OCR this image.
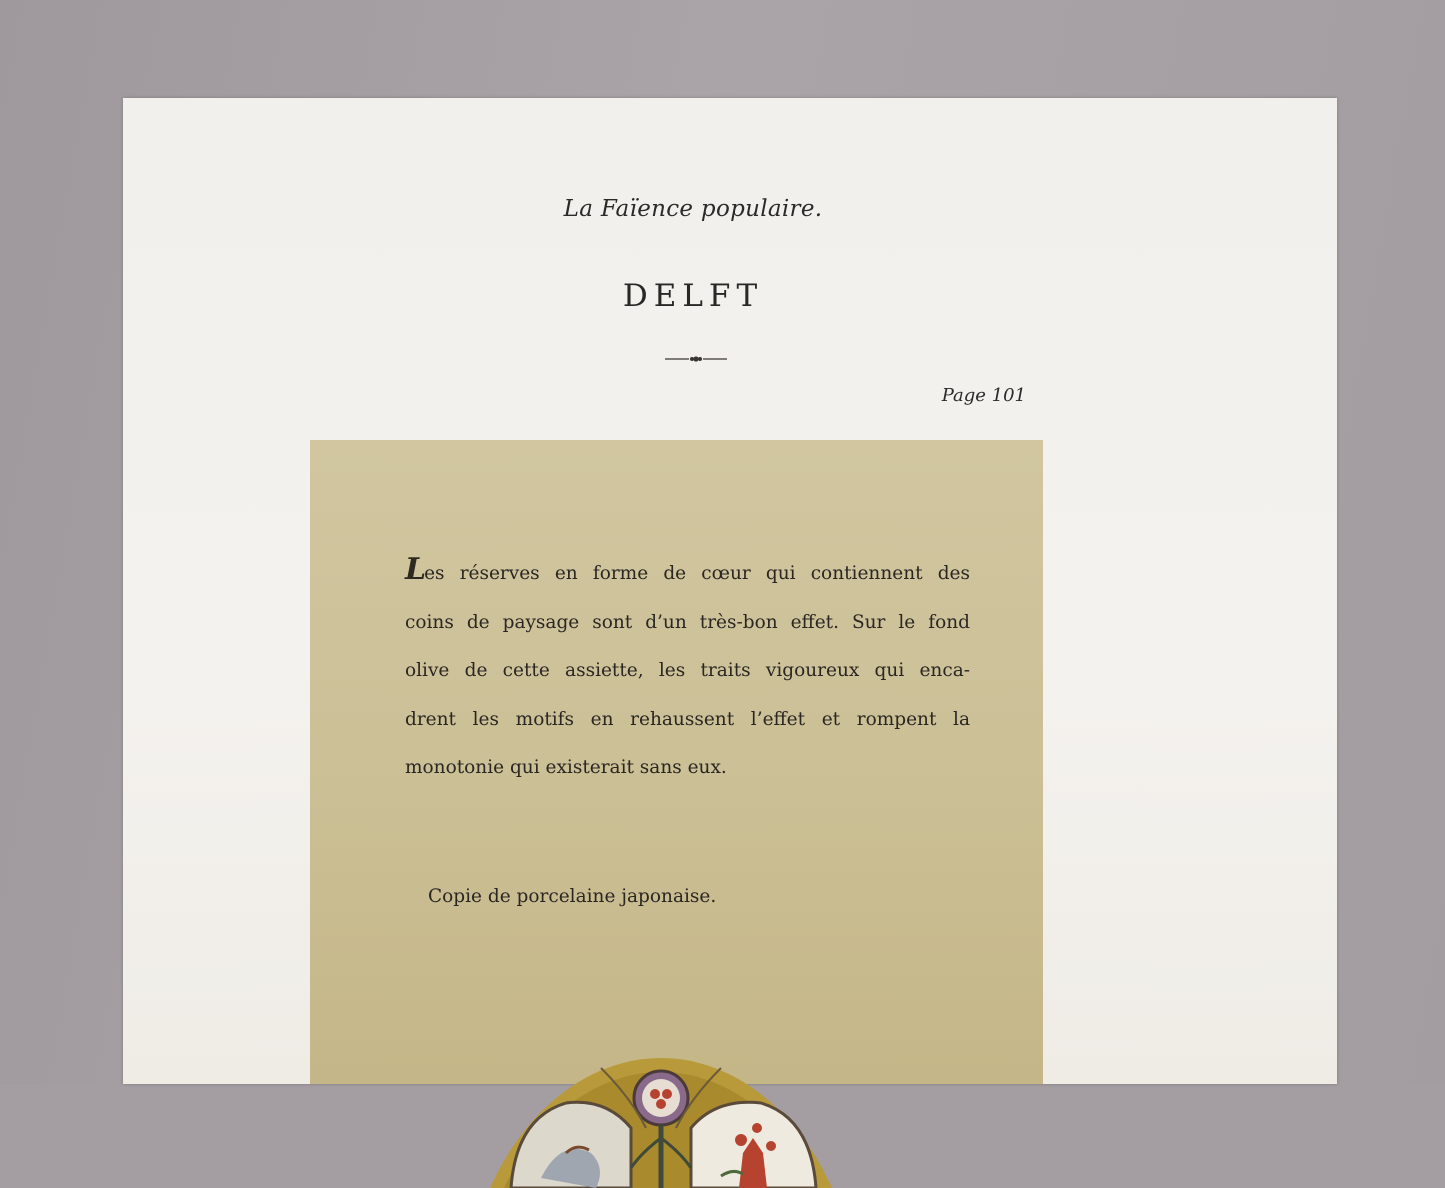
La Faïence populaire.
DELFT
Page 101
Les réserves en forme de cœur qui contiennent des
coins de paysage sont d’un très-bon effet. Sur le fond
olive de cette assiette, les traits vigoureux qui enca-
drent les motifs en rehaussent l’effet et rompent la
monotonie qui existerait sans eux.
Copie de porcelaine japonaise.
